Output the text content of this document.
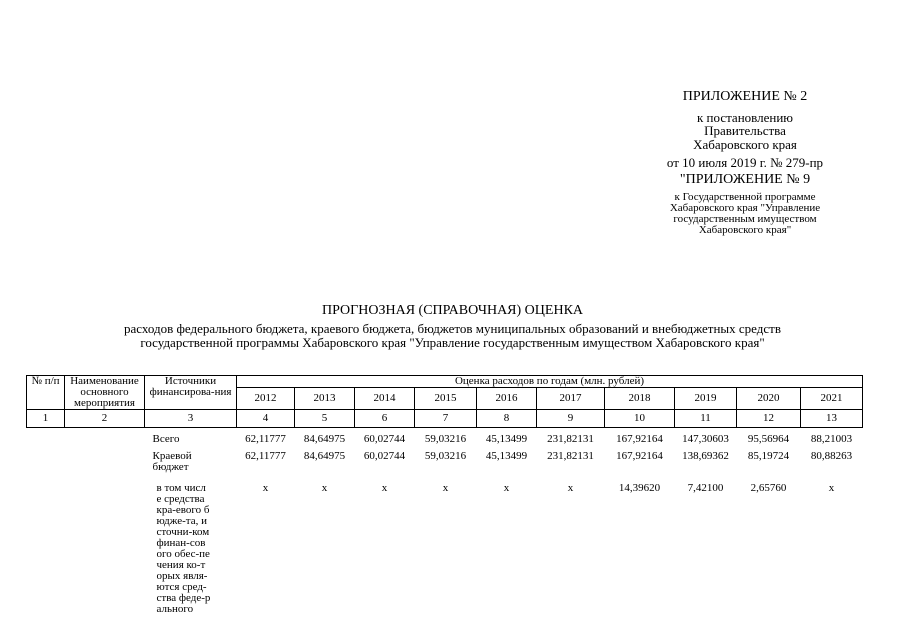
ПРИЛОЖЕНИЕ № 2
к постановлению
Правительства
Хабаровского края
от 10 июля 2019 г. № 279-пр
"ПРИЛОЖЕНИЕ № 9
к Государственной программе
Хабаровского края "Управление
государственным имуществом
Хабаровского края"
ПРОГНОЗНАЯ (СПРАВОЧНАЯ) ОЦЕНКА
расходов федерального бюджета, краевого бюджета, бюджетов муниципальных образований и внебюджетных средств
государственной программы Хабаровского края "Управление государственным имуществом Хабаровского края"
№ п/п	Наименование основного мероприятия	Источники финансирова-ния	Оценка расходов по годам (млн. рублей)									
			2012	2013	2014	2015	2016	2017	2018	2019	2020	2021
1	2	3	4	5	6	7	8	9	10	11	12	13
		Всего	62,11777	84,64975	60,02744	59,03216	45,13499	231,82131	167,92164	147,30603	95,56964	88,21003
		Краевой бюджет	62,11777	84,64975	60,02744	59,03216	45,13499	231,82131	167,92164	138,69362	85,19724	80,88263
		в том числе средства кра-евого бюдже-та, источни-ком финан-сового обес-печения ко-торых явля-ются сред-ства феде-рального	х	х	х	х	х	х	14,39620	7,42100	2,65760	х
